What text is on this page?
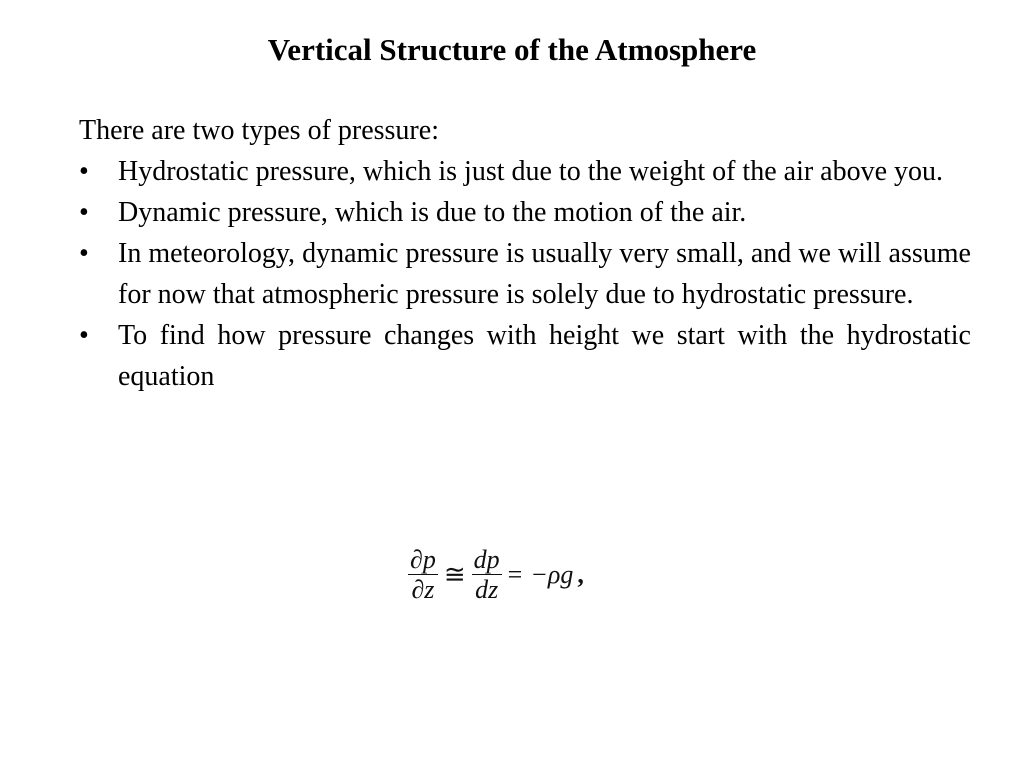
Vertical Structure of the Atmosphere
There are two types of pressure:
•	Hydrostatic pressure, which is just due to the weight of the air above you.
•	Dynamic pressure, which is due to the motion of the air.
•	In meteorology, dynamic pressure is usually very small, and we will assume for now that atmospheric pressure is solely due to hydrostatic pressure.
•	To find how pressure changes with height we start with the hydrostatic equation
$\frac{\partial p}{\partial z}$ ≅ $\frac{dp}{dz} = -\rho g$ ,
